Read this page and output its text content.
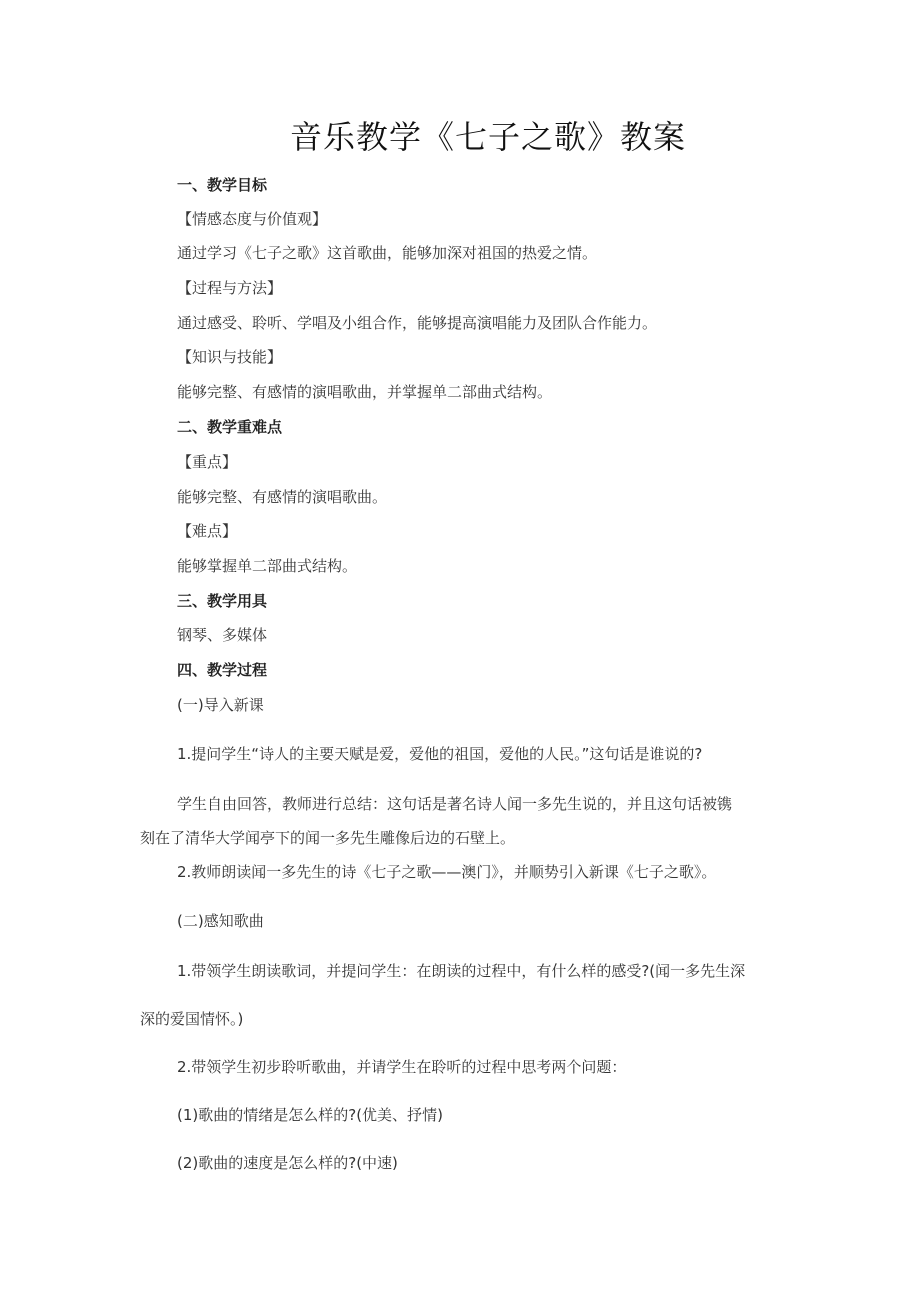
音乐教学《七子之歌》教案
一、教学目标
【情感态度与价值观】
通过学习《七子之歌》这首歌曲，能够加深对祖国的热爱之情。
【过程与方法】
通过感受、聆听、学唱及小组合作，能够提高演唱能力及团队合作能力。
【知识与技能】
能够完整、有感情的演唱歌曲，并掌握单二部曲式结构。
二、教学重难点
【重点】
能够完整、有感情的演唱歌曲。
【难点】
能够掌握单二部曲式结构。
三、教学用具
钢琴、多媒体
四、教学过程
(一)导入新课
1.提问学生“诗人的主要天赋是爱，爱他的祖国，爱他的人民。”这句话是谁说的?
学生自由回答，教师进行总结：这句话是著名诗人闻一多先生说的，并且这句话被镌
刻在了清华大学闻亭下的闻一多先生雕像后边的石壁上。
2.教师朗读闻一多先生的诗《七子之歌——澳门》，并顺势引入新课《七子之歌》。
(二)感知歌曲
1.带领学生朗读歌词，并提问学生：在朗读的过程中，有什么样的感受?(闻一多先生深
深的爱国情怀。)
2.带领学生初步聆听歌曲，并请学生在聆听的过程中思考两个问题：
(1)歌曲的情绪是怎么样的?(优美、抒情)
(2)歌曲的速度是怎么样的?(中速)
